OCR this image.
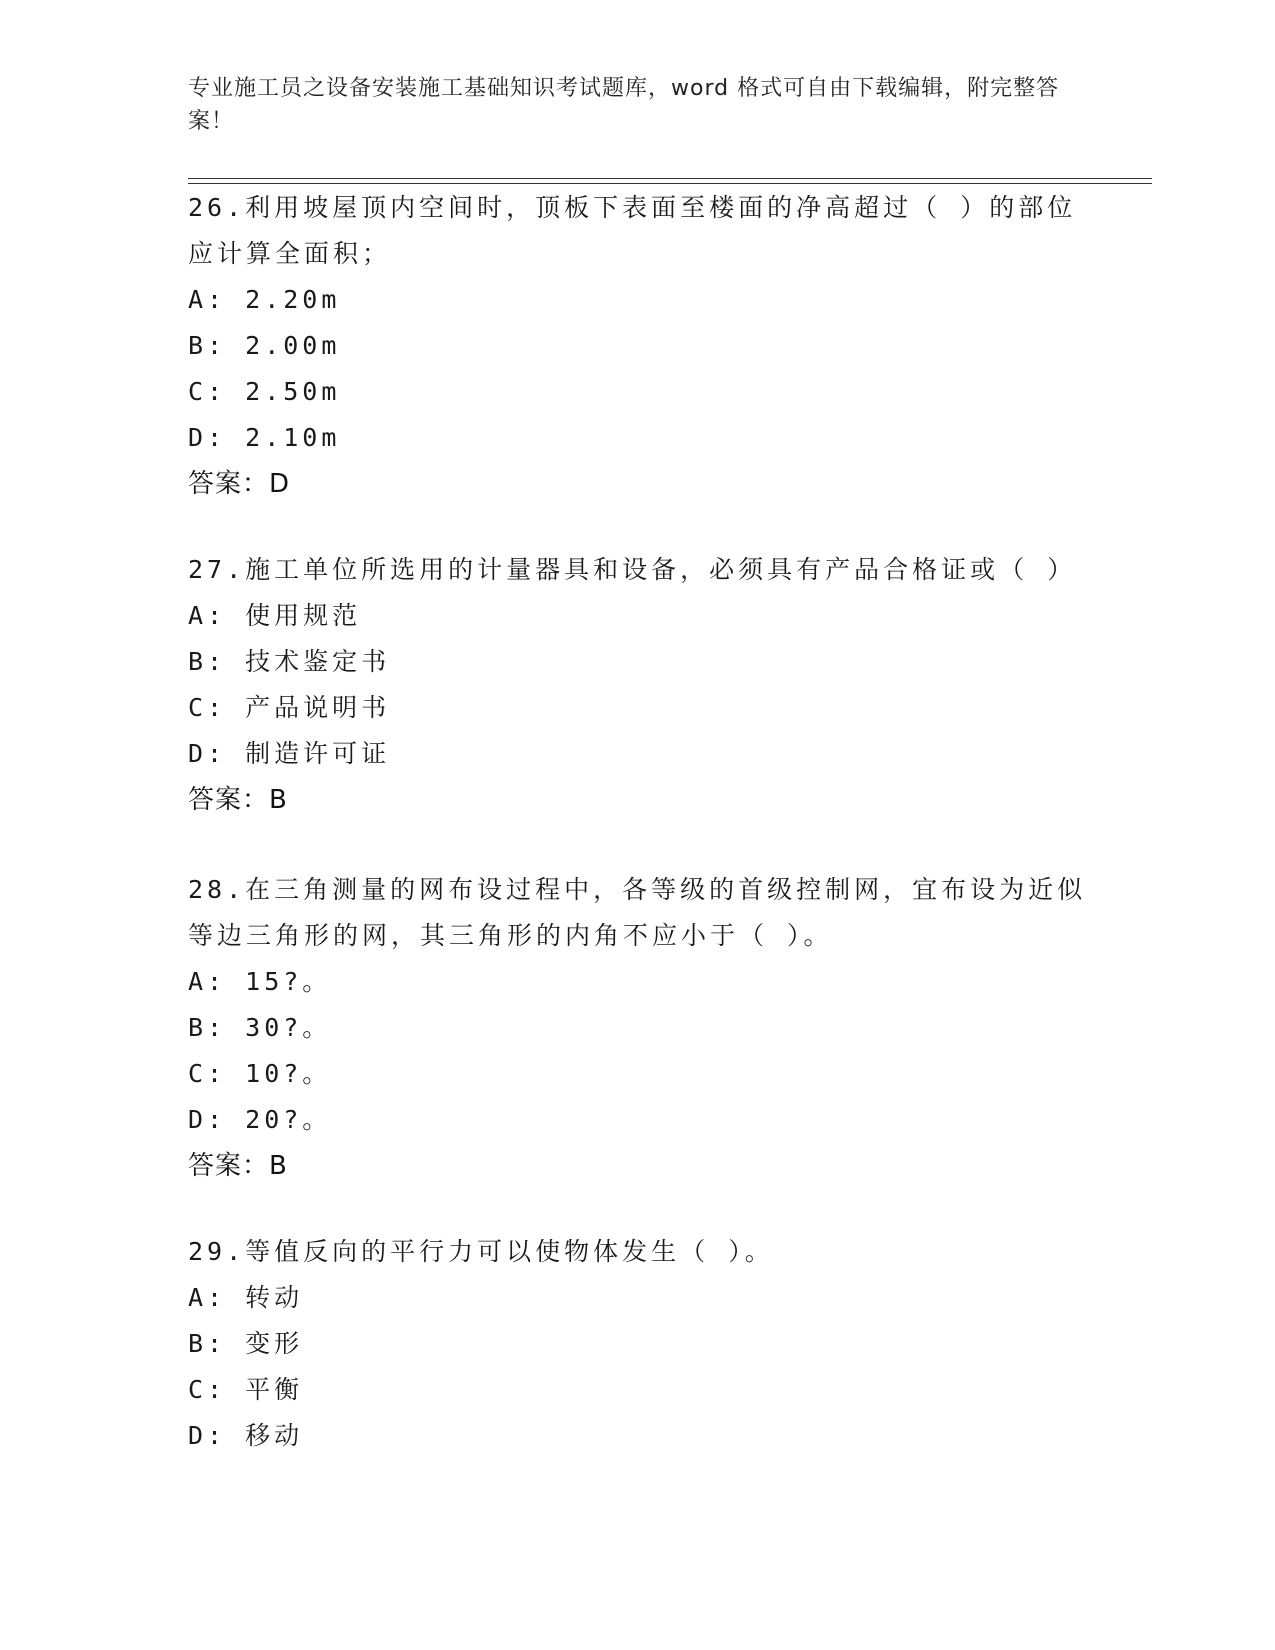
专业施工员之设备安装施工基础知识考试题库，word 格式可自由下载编辑，附完整答案！

26.利用坡屋顶内空间时，顶板下表面至楼面的净高超过（ ）的部位应计算全面积；

A: 2.20m
B: 2.00m
C: 2.50m
D: 2.10m
答案：D

27.施工单位所选用的计量器具和设备，必须具有产品合格证或（ ）

A: 使用规范
B: 技术鉴定书
C: 产品说明书
D: 制造许可证
答案：B

28.在三角测量的网布设过程中，各等级的首级控制网，宜布设为近似等边三角形的网，其三角形的内角不应小于（ ）。

A: 15?。
B: 30?。
C: 10?。
D: 20?。
答案：B

29.等值反向的平行力可以使物体发生（ ）。

A: 转动
B: 变形
C: 平衡
D: 移动
